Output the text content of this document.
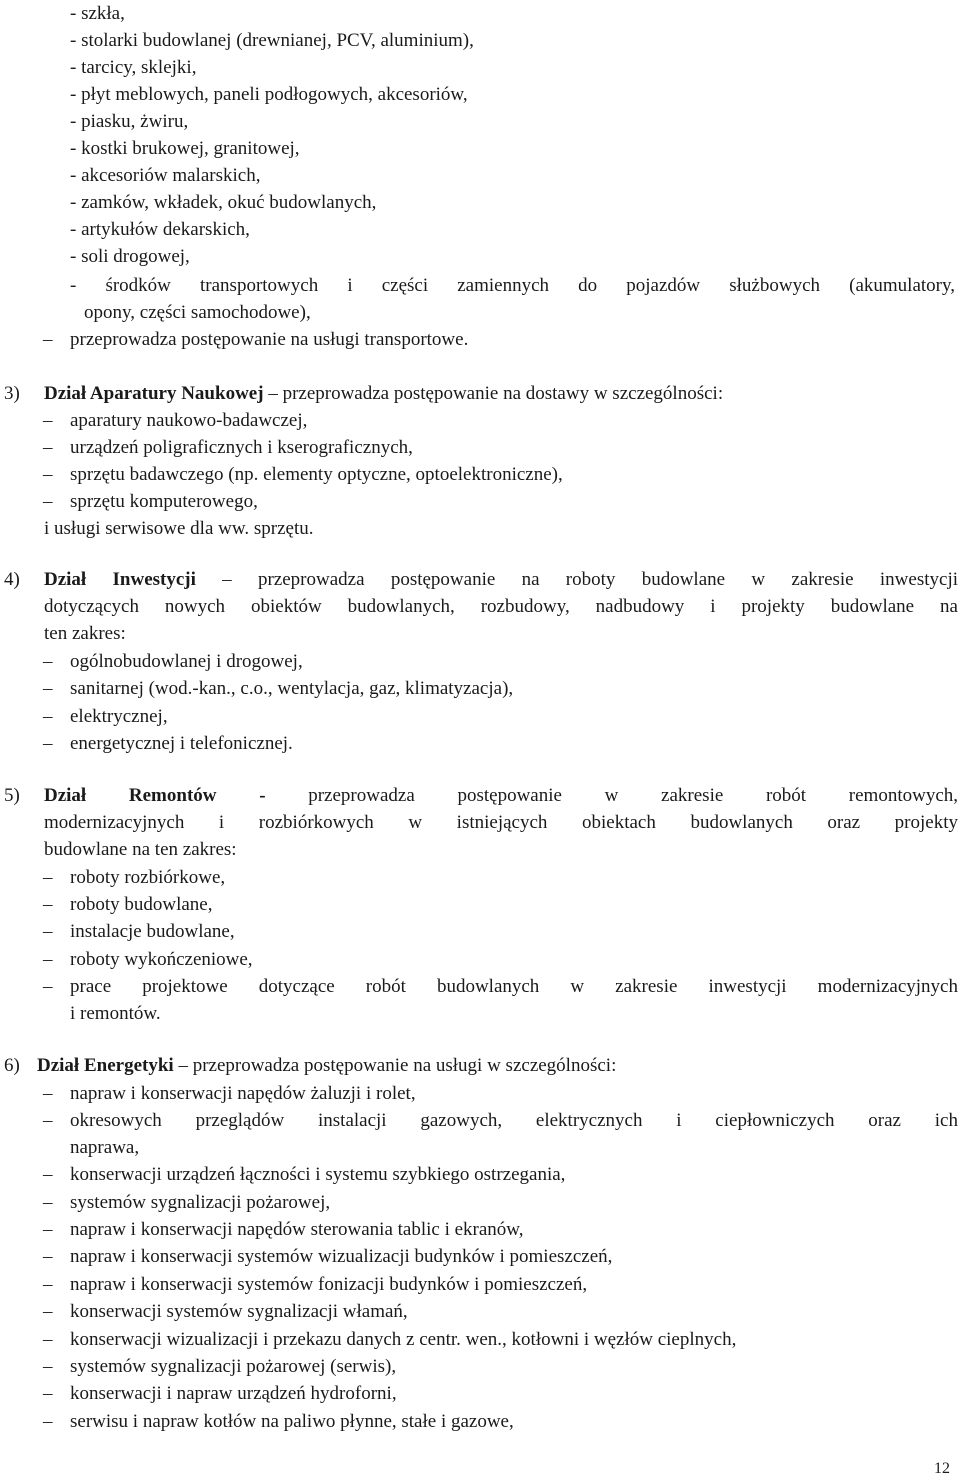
- szkła,
- stolarki budowlanej (drewnianej, PCV, aluminium),
- tarcicy, sklejki,
- płyt meblowych, paneli podłogowych, akcesoriów,
- piasku, żwiru,
- kostki brukowej, granitowej,
- akcesoriów malarskich,
- zamków, wkładek, okuć budowlanych,
- artykułów dekarskich,
- soli drogowej,
- środków transportowych i części zamiennych do pojazdów służbowych (akumulatory,
opony, części samochodowe),
– przeprowadza postępowanie na usługi transportowe.
3) Dział Aparatury Naukowej – przeprowadza postępowanie na dostawy w szczególności:
– aparatury naukowo-badawczej,
– urządzeń poligraficznych i kserograficznych,
– sprzętu badawczego (np. elementy optyczne, optoelektroniczne),
– sprzętu komputerowego,
i usługi serwisowe dla ww. sprzętu.
4) Dział Inwestycji – przeprowadza postępowanie na roboty budowlane w zakresie inwestycji
dotyczących nowych obiektów budowlanych, rozbudowy, nadbudowy i projekty budowlane na
ten zakres:
– ogólnobudowlanej i drogowej,
– sanitarnej (wod.-kan., c.o., wentylacja, gaz, klimatyzacja),
– elektrycznej,
– energetycznej i telefonicznej.
5) Dział Remontów - przeprowadza postępowanie w zakresie robót remontowych,
modernizacyjnych i rozbiórkowych w istniejących obiektach budowlanych oraz projekty
budowlane na ten zakres:
– roboty rozbiórkowe,
– roboty budowlane,
– instalacje budowlane,
– roboty wykończeniowe,
– prace projektowe dotyczące robót budowlanych w zakresie inwestycji modernizacyjnych
i remontów.
6) Dział Energetyki – przeprowadza postępowanie na usługi w szczególności:
– napraw i konserwacji napędów żaluzji i rolet,
– okresowych przeglądów instalacji gazowych, elektrycznych i ciepłowniczych oraz ich
naprawa,
– konserwacji urządzeń łączności i systemu szybkiego ostrzegania,
– systemów sygnalizacji pożarowej,
– napraw i konserwacji napędów sterowania tablic i ekranów,
– napraw i konserwacji systemów wizualizacji budynków i pomieszczeń,
– napraw i konserwacji systemów fonizacji budynków i pomieszczeń,
– konserwacji systemów sygnalizacji włamań,
– konserwacji wizualizacji i przekazu danych z centr. wen., kotłowni i węzłów cieplnych,
– systemów sygnalizacji pożarowej (serwis),
– konserwacji i napraw urządzeń hydroforni,
– serwisu i napraw kotłów na paliwo płynne, stałe i gazowe,
12
